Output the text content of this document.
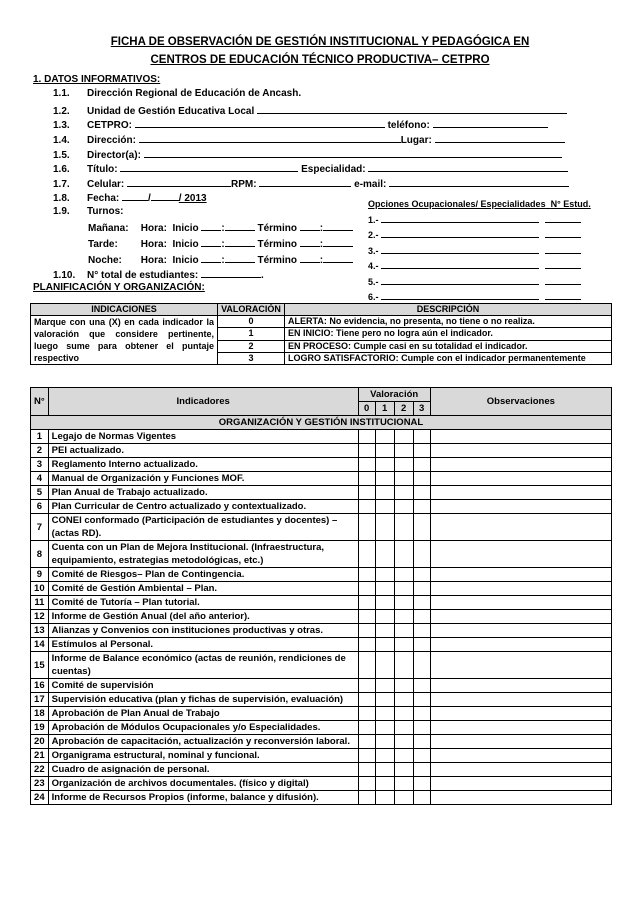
FICHA DE OBSERVACIÓN DE GESTIÓN INSTITUCIONAL Y PEDAGÓGICA EN
CENTROS DE EDUCACIÓN TÉCNICO PRODUCTIVA– CETPRO
1. DATOS INFORMATIVOS:
1.1. Dirección Regional de Educación de Ancash.
1.2. Unidad de Gestión Educativa Local
1.3. CETPRO:	teléfono:
1.4. Dirección:	Lugar:
1.5. Director(a):
1.6. Título:	Especialidad:
1.7. Celular:	RPM:	e-mail:
1.8. Fecha:	/	/ 2013
1.9. Turnos:
Mañana: Hora: Inicio :	Término :
Tarde: Hora: Inicio :	Término :
Noche: Hora: Inicio :	Término :
1.10. N° total de estudiantes:	.
PLANIFICACIÓN Y ORGANIZACIÓN:
Opciones Ocupacionales/ Especialidades N° Estud.
1.-
2.-
3.-
4.-
5.-
6.-
INDICACIONES	VALORACIÓN	DESCRIPCIÓN
Marque con una (X) en cada indicador la valoración que considere pertinente, luego sume para obtener el puntaje respectivo	0	ALERTA: No evidencia, no presenta, no tiene o no realiza.
	1	EN INICIO: Tiene pero no logra aún el indicador.
	2	EN PROCESO: Cumple casi en su totalidad el indicador.
	3	LOGRO SATISFACTORIO: Cumple con el indicador permanentemente
N°	Indicadores	Valoración				Observaciones
		0	1	2	3	
ORGANIZACIÓN Y GESTIÓN INSTITUCIONAL						
1	Legajo de Normas Vigentes					
2	PEI actualizado.					
3	Reglamento Interno actualizado.					
4	Manual de Organización y Funciones MOF.					
5	Plan Anual de Trabajo actualizado.					
6	Plan Curricular de Centro actualizado y contextualizado.					
7	CONEI conformado (Participación de estudiantes y docentes) – (actas RD).					
8	Cuenta con un Plan de Mejora Institucional. (Infraestructura, equipamiento, estrategias metodológicas, etc.)					
9	Comité de Riesgos– Plan de Contingencia.					
10	Comité de Gestión Ambiental – Plan.					
11	Comité de Tutoría – Plan tutorial.					
12	Informe de Gestión Anual (del año anterior).					
13	Alianzas y Convenios con instituciones productivas y otras.					
14	Estímulos al Personal.					
15	Informe de Balance económico (actas de reunión, rendiciones de cuentas)					
16	Comité de supervisión					
17	Supervisión educativa (plan y fichas de supervisión, evaluación)					
18	Aprobación de Plan Anual de Trabajo					
19	Aprobación de Módulos Ocupacionales y/o Especialidades.					
20	Aprobación de capacitación, actualización y reconversión laboral.					
21	Organigrama estructural, nominal y funcional.					
22	Cuadro de asignación de personal.					
23	Organización de archivos documentales. (físico y digital)					
24	Informe de Recursos Propios (informe, balance y difusión).					
